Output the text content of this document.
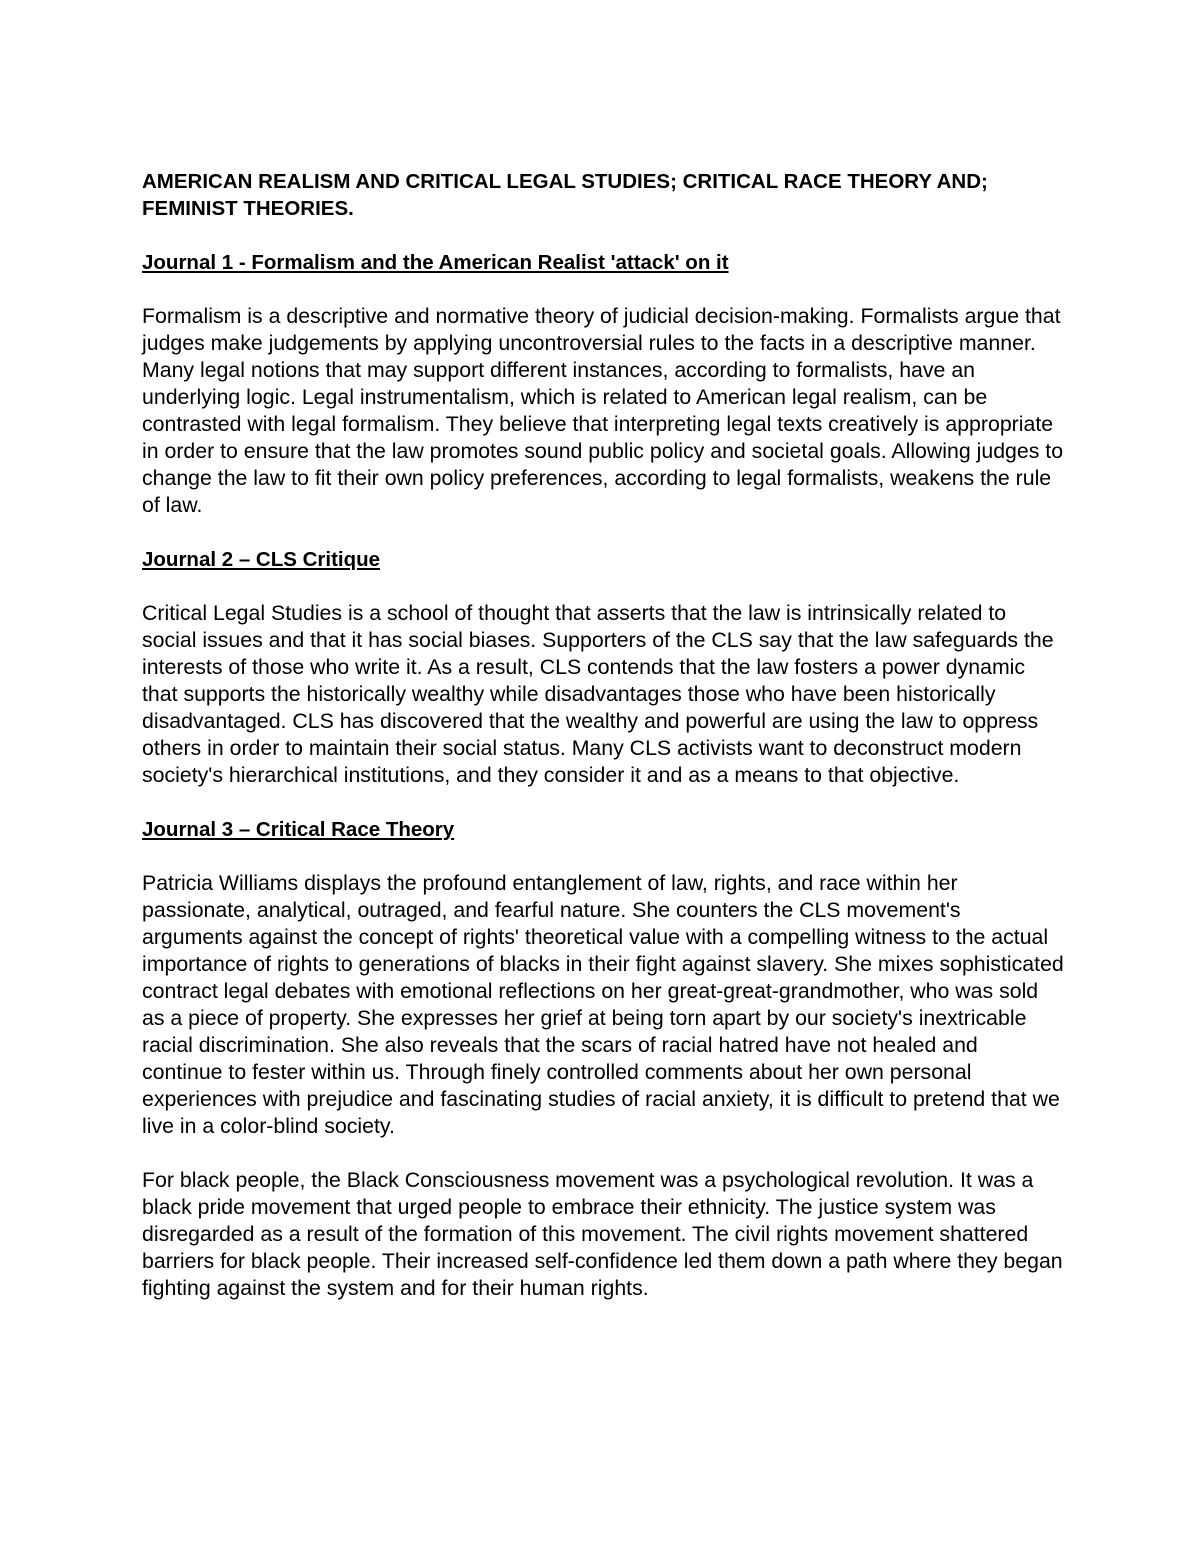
AMERICAN REALISM AND CRITICAL LEGAL STUDIES; CRITICAL RACE THEORY AND; FEMINIST THEORIES.
Journal 1 - Formalism and the American Realist 'attack' on it
Formalism is a descriptive and normative theory of judicial decision-making. Formalists argue that judges make judgements by applying uncontroversial rules to the facts in a descriptive manner. Many legal notions that may support different instances, according to formalists, have an underlying logic. Legal instrumentalism, which is related to American legal realism, can be contrasted with legal formalism. They believe that interpreting legal texts creatively is appropriate in order to ensure that the law promotes sound public policy and societal goals. Allowing judges to change the law to fit their own policy preferences, according to legal formalists, weakens the rule of law.
Journal 2 – CLS Critique
Critical Legal Studies is a school of thought that asserts that the law is intrinsically related to social issues and that it has social biases. Supporters of the CLS say that the law safeguards the interests of those who write it. As a result, CLS contends that the law fosters a power dynamic that supports the historically wealthy while disadvantages those who have been historically disadvantaged. CLS has discovered that the wealthy and powerful are using the law to oppress others in order to maintain their social status. Many CLS activists want to deconstruct modern society's hierarchical institutions, and they consider it and as a means to that objective.
Journal 3 – Critical Race Theory
Patricia Williams displays the profound entanglement of law, rights, and race within her passionate, analytical, outraged, and fearful nature. She counters the CLS movement's arguments against the concept of rights' theoretical value with a compelling witness to the actual importance of rights to generations of blacks in their fight against slavery. She mixes sophisticated contract legal debates with emotional reflections on her great-great-grandmother, who was sold as a piece of property. She expresses her grief at being torn apart by our society's inextricable racial discrimination. She also reveals that the scars of racial hatred have not healed and continue to fester within us. Through finely controlled comments about her own personal experiences with prejudice and fascinating studies of racial anxiety, it is difficult to pretend that we live in a color-blind society.
For black people, the Black Consciousness movement was a psychological revolution. It was a black pride movement that urged people to embrace their ethnicity. The justice system was disregarded as a result of the formation of this movement. The civil rights movement shattered barriers for black people. Their increased self-confidence led them down a path where they began fighting against the system and for their human rights.
